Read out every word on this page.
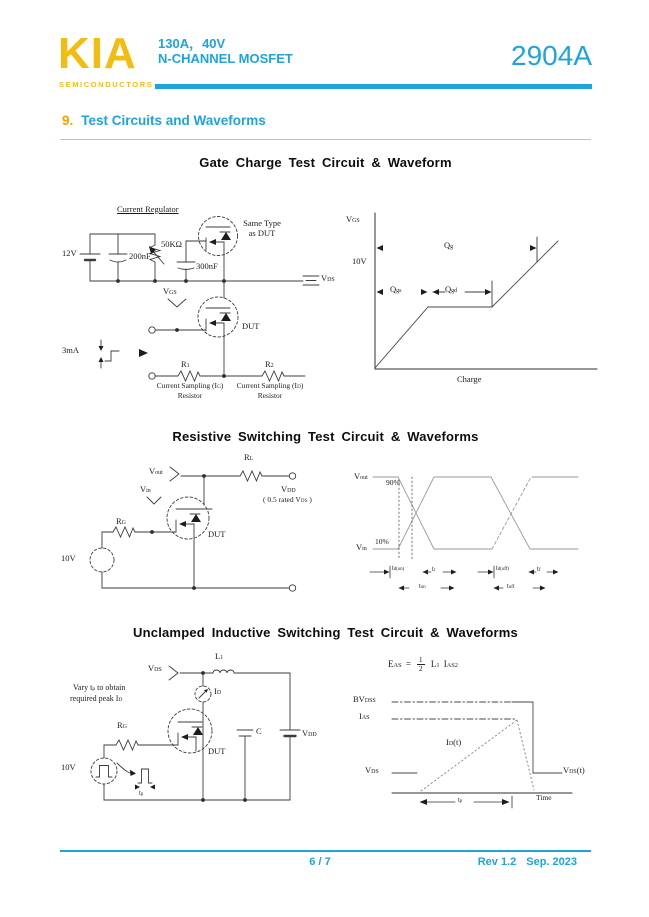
KIA
SEMICONDUCTORS
130A，40V
N-CHANNEL MOSFET	2904A
9. Test Circuits and Waveforms
Gate Charge Test Circuit & Waveform
Resistive Switching Test Circuit & Waveforms
Unclamped Inductive Switching Test Circuit & Waveforms
Current Regulator
12V	200nF
50KΩ
300nF
Same Type
as DUT
$V_{DS}$
$V_{GS}$
DUT
3mA
$R_1$	$R_2$
Current Sampling $(I_G)$
Resistor
Current Sampling $(I_D)$
Resistor
$V_{GS}$
10V
$Q_g$
$Q_{gs}$	$Q_{gd}$
Charge
$V_{out}$
$R_L$
$V_{DD}$
( 0.5 rated $V_{DS}$ )
$V_{in}$
$R_G$
DUT
10V
$V_{out}$
$V_{in}$
90%
10%
$t_{d(on)}$	$t_r$
$t_{on}$
$t_{d(off)}$	$t_f$
$t_{off}$
$V_{DS}$
$L_1$
$I_D$
Vary $t_p$ to obtain
required peak $I_D$
$R_G$
DUT
C	$V_{DD}$
10V
$t_p$
$E_{AS} = \frac{1}{2} L_1$ $I_{AS}^2$
$BV_{DSS}$
$I_{AS}$
$I_D(t)$
$V_{DS}$	$V_{DS}(t)$
$t_p$	Time
6 / 7	Rev 1.2 Sep. 2023
